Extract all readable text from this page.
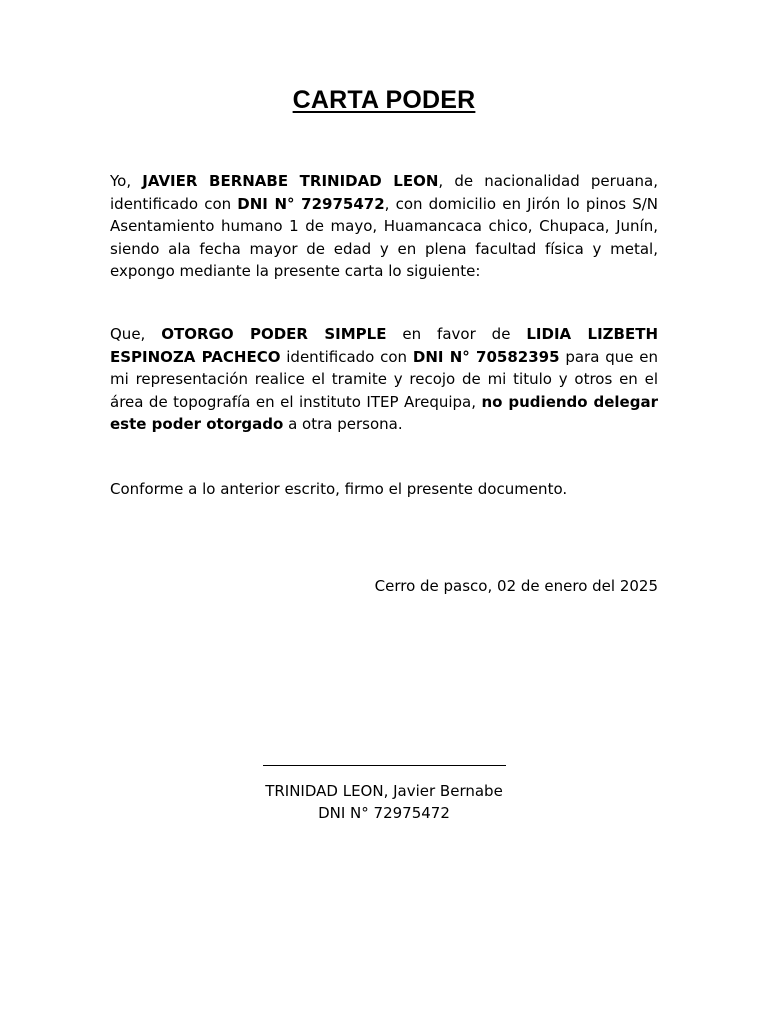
CARTA PODER

Yo, JAVIER BERNABE TRINIDAD LEON, de nacionalidad peruana, identificado con DNI N° 72975472, con domicilio en Jirón lo pinos S/N Asentamiento humano 1 de mayo, Huamancaca chico, Chupaca, Junín, siendo ala fecha mayor de edad y en plena facultad física y metal, expongo mediante la presente carta lo siguiente:

Que, OTORGO PODER SIMPLE en favor de LIDIA LIZBETH ESPINOZA PACHECO identificado con DNI N° 70582395 para que en mi representación realice el tramite y recojo de mi titulo y otros en el área de topografía en el instituto ITEP Arequipa, no pudiendo delegar este poder otorgado a otra persona.

Conforme a lo anterior escrito, firmo el presente documento.

Cerro de pasco, 02 de enero del 2025
TRINIDAD LEON, Javier Bernabe
DNI N° 72975472
